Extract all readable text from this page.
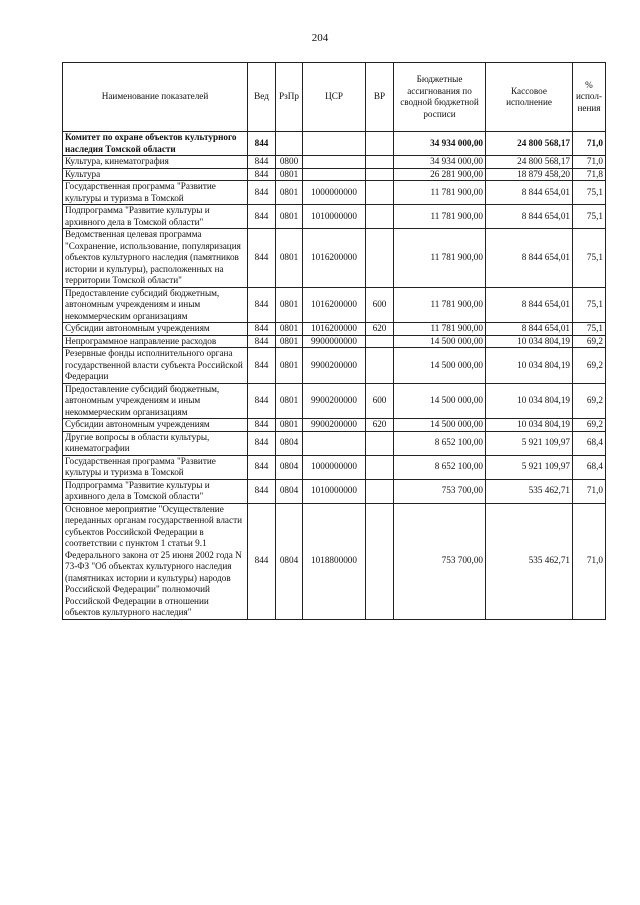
204
Наименование показателей	Вед	РзПр	ЦСР	ВР	Бюджетные ассигнования по сводной бюджетной росписи	Кассовое исполнение	% испол-нения
Комитет по охране объектов культурного наследия Томской области	844				34 934 000,00	24 800 568,17	71,0
Культура, кинематография	844	0800			34 934 000,00	24 800 568,17	71,0
Культура	844	0801			26 281 900,00	18 879 458,20	71,8
Государственная программа "Развитие культуры и туризма в Томской	844	0801	1000000000		11 781 900,00	8 844 654,01	75,1
Подпрограмма "Развитие культуры и архивного дела в Томской области"	844	0801	1010000000		11 781 900,00	8 844 654,01	75,1
Ведомственная целевая программа "Сохранение, использование, популяризация объектов культурного наследия (памятников истории и культуры), расположенных на территории Томской области"	844	0801	1016200000		11 781 900,00	8 844 654,01	75,1
Предоставление субсидий бюджетным, автономным учреждениям и иным некоммерческим организациям	844	0801	1016200000	600	11 781 900,00	8 844 654,01	75,1
Субсидии автономным учреждениям	844	0801	1016200000	620	11 781 900,00	8 844 654,01	75,1
Непрограммное направление расходов	844	0801	9900000000		14 500 000,00	10 034 804,19	69,2
Резервные фонды исполнительного органа государственной власти субъекта Российской Федерации	844	0801	9900200000		14 500 000,00	10 034 804,19	69,2
Предоставление субсидий бюджетным, автономным учреждениям и иным некоммерческим организациям	844	0801	9900200000	600	14 500 000,00	10 034 804,19	69,2
Субсидии автономным учреждениям	844	0801	9900200000	620	14 500 000,00	10 034 804,19	69,2
Другие вопросы в области культуры, кинематографии	844	0804			8 652 100,00	5 921 109,97	68,4
Государственная программа "Развитие культуры и туризма в Томской	844	0804	1000000000		8 652 100,00	5 921 109,97	68,4
Подпрограмма "Развитие культуры и архивного дела в Томской области"	844	0804	1010000000		753 700,00	535 462,71	71,0
Основное мероприятие "Осуществление переданных органам государственной власти субъектов Российской Федерации в соответствии с пунктом 1 статьи 9.1 Федерального закона от 25 июня 2002 года N 73-ФЗ "Об объектах культурного наследия (памятниках истории и культуры) народов Российской Федерации" полномочий Российской Федерации в отношении объектов культурного наследия"	844	0804	1018800000		753 700,00	535 462,71	71,0
